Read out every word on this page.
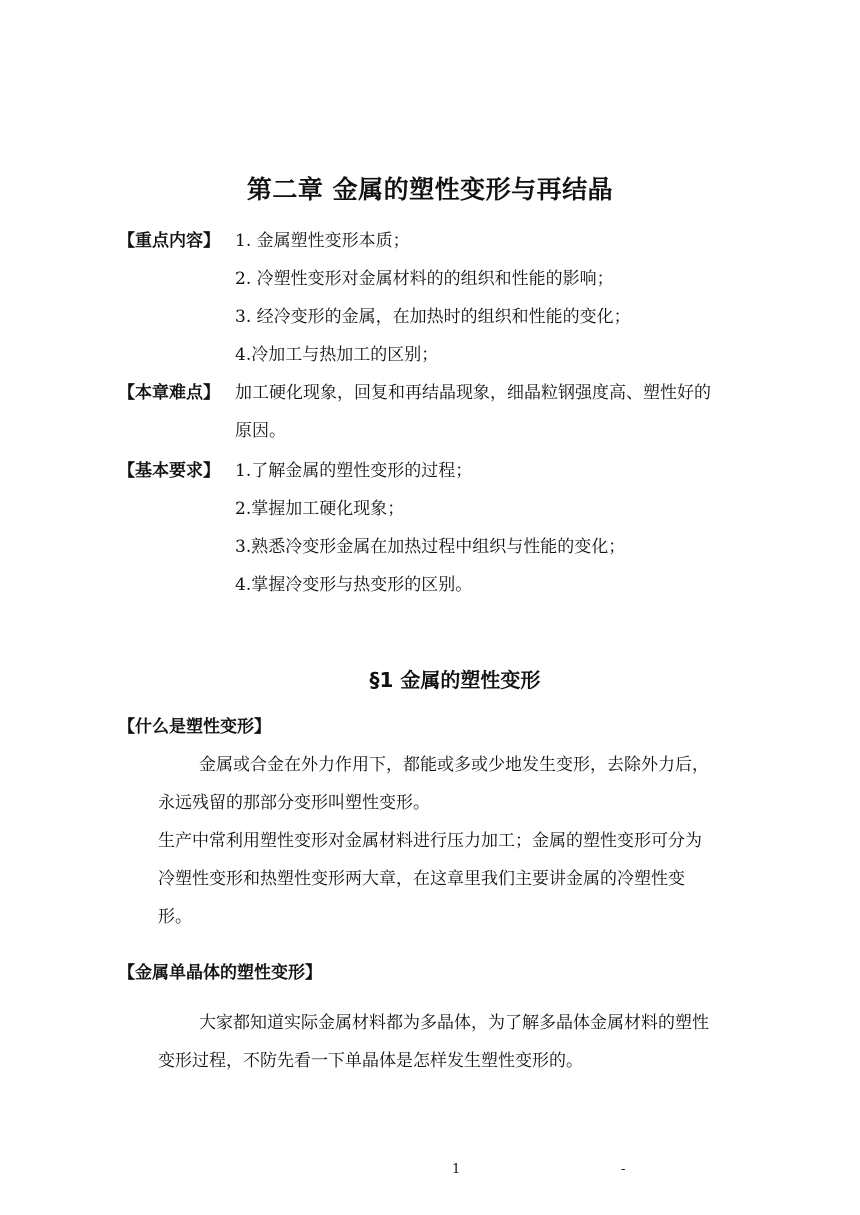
第二章 金属的塑性变形与再结晶
【重点内容】 1. 金属塑性变形本质；
2. 冷塑性变形对金属材料的的组织和性能的影响；
3. 经冷变形的金属，在加热时的组织和性能的变化；
4.冷加工与热加工的区别；
【本章难点】 加工硬化现象，回复和再结晶现象，细晶粒钢强度高、塑性好的
原因。
【基本要求】 1.了解金属的塑性变形的过程；
2.掌握加工硬化现象；
3.熟悉冷变形金属在加热过程中组织与性能的变化；
4.掌握冷变形与热变形的区别。
§1 金属的塑性变形
【什么是塑性变形】
金属或合金在外力作用下，都能或多或少地发生变形，去除外力后，
永远残留的那部分变形叫塑性变形。
生产中常利用塑性变形对金属材料进行压力加工；金属的塑性变形可分为
冷塑性变形和热塑性变形两大章，在这章里我们主要讲金属的冷塑性变
形。
【金属单晶体的塑性变形】
大家都知道实际金属材料都为多晶体，为了解多晶体金属材料的塑性
变形过程，不防先看一下单晶体是怎样发生塑性变形的。
1	-
